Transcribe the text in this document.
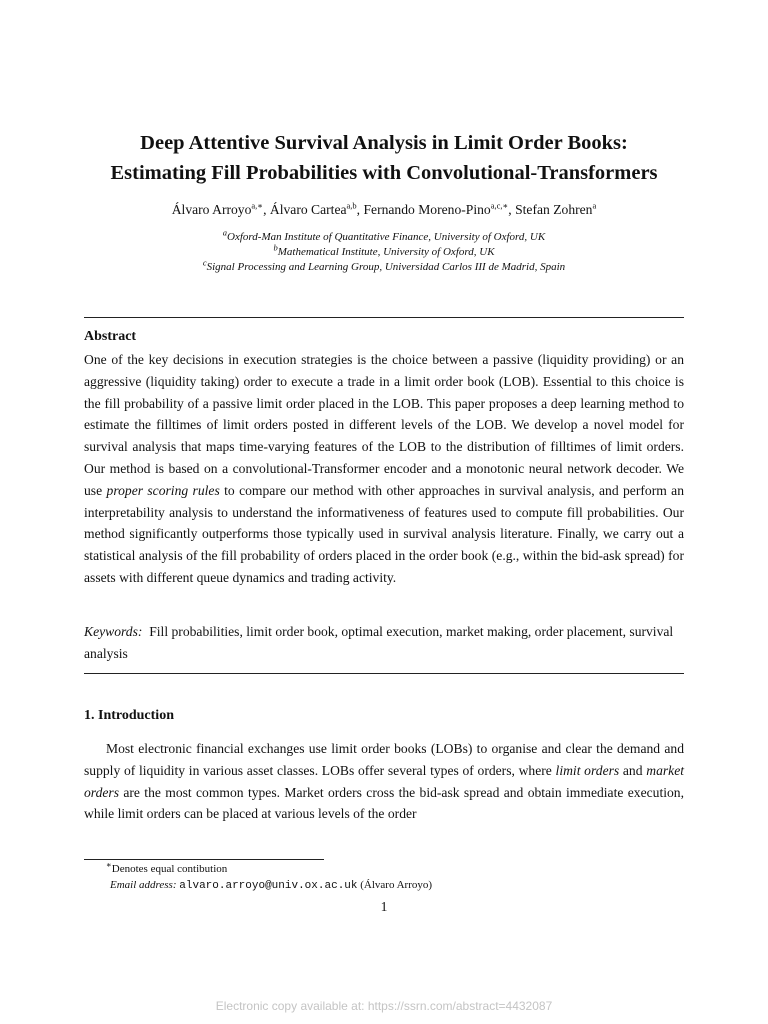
Deep Attentive Survival Analysis in Limit Order Books:
Estimating Fill Probabilities with Convolutional-Transformers
Álvaro Arroyo$^{a,∗}$, Álvaro Cartea$^{a,b}$, Fernando Moreno-Pino$^{a,c,∗}$, Stefan Zohren$^a$
$^a$Oxford-Man Institute of Quantitative Finance, University of Oxford, UK
$^b$Mathematical Institute, University of Oxford, UK
$^c$Signal Processing and Learning Group, Universidad Carlos III de Madrid, Spain
Abstract

One of the key decisions in execution strategies is the choice between a passive (liquidity providing) or an aggressive (liquidity taking) order to execute a trade in a limit order book (LOB). Essential to this choice is the fill probability of a passive limit order placed in the LOB. This paper proposes a deep learning method to estimate the filltimes of limit orders posted in different levels of the LOB. We develop a novel model for survival analysis that maps time-varying features of the LOB to the distribution of filltimes of limit orders. Our method is based on a convolutional-Transformer encoder and a monotonic neural network decoder. We use proper scoring rules to compare our method with other approaches in survival analysis, and perform an interpretability analysis to understand the informativeness of features used to compute fill probabilities. Our method significantly outperforms those typically used in survival analysis literature. Finally, we carry out a statistical analysis of the fill probability of orders placed in the order book (e.g., within the bid-ask spread) for assets with different queue dynamics and trading activity.

Keywords: Fill probabilities, limit order book, optimal execution, market making, order placement, survival analysis

1. Introduction

Most electronic financial exchanges use limit order books (LOBs) to organise and clear the demand and supply of liquidity in various asset classes. LOBs offer several types of orders, where limit orders and market orders are the most common types. Market orders cross the bid-ask spread and obtain immediate execution, while limit orders can be placed at various levels of the order

∗Denotes equal contibution
Email address: alvaro.arroyo@univ.ox.ac.uk (Álvaro Arroyo)
1
Electronic copy available at: https://ssrn.com/abstract=4432087
